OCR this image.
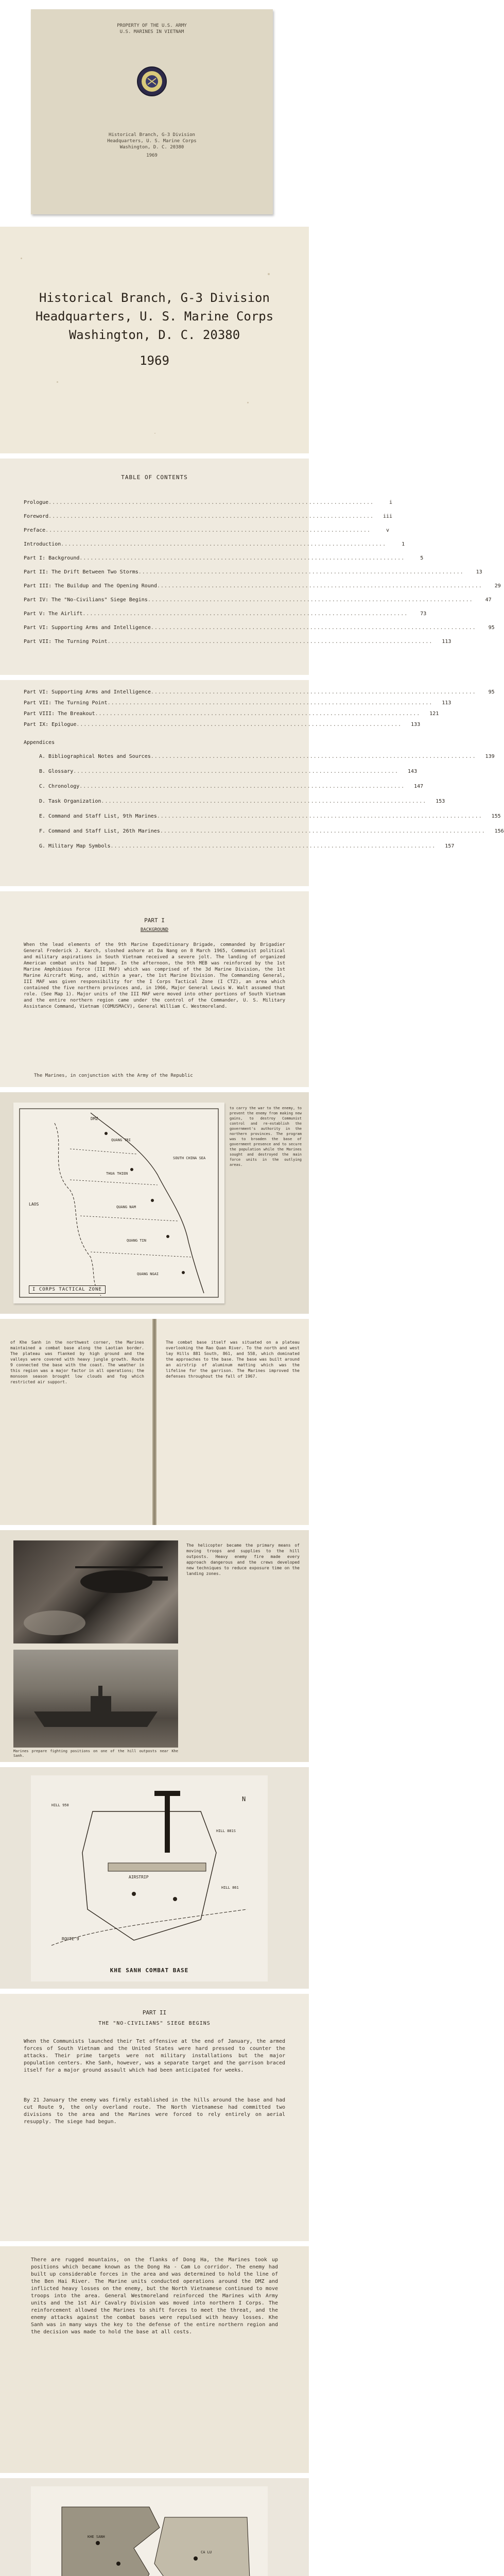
PROPERTY OF THE U.S. ARMY
U.S. MARINES IN VIETNAM
Historical Branch, G-3 Division
Headquarters, U. S. Marine Corps
Washington, D. C. 20380
1969
Historical Branch, G-3 Division
Headquarters, U. S. Marine Corps
Washington, D. C. 20380
1969
TABLE OF CONTENTS
Prologue ..........................................................................................	i
Foreword ..........................................................................................	iii
Preface ..........................................................................................	v
Introduction ..........................................................................................	1
Part I: Background ..........................................................................................	5
Part II: The Drift Between Two Storms ..........................................................................................	13
Part III: The Buildup and The Opening Round ..........................................................................................	29
Part IV: The "No-Civilians" Siege Begins ..........................................................................................	47
Part V: The Airlift ..........................................................................................	73
Part VI: Supporting Arms and Intelligence ..........................................................................................	95
Part VII: The Turning Point ..........................................................................................	113
Part VI: Supporting Arms and Intelligence ..........................................................................................	95
Part VII: The Turning Point ..........................................................................................	113
Part VIII: The Breakout ..........................................................................................	121
Part IX: Epilogue ..........................................................................................	133
Appendices
A. Bibliographical Notes and Sources ..........................................................................................	139
B. Glossary ..........................................................................................	143
C. Chronology ..........................................................................................	147
D. Task Organization ..........................................................................................	153
E. Command and Staff List, 9th Marines ..........................................................................................	155
F. Command and Staff List, 26th Marines ..........................................................................................	156
G. Military Map Symbols ..........................................................................................	157
PART I
BACKGROUND
When the lead elements of the 9th Marine Expeditionary Brigade, commanded by Brigadier General Frederick J. Karch, sloshed ashore at Da Nang on 8 March 1965, Communist political and military aspirations in South Vietnam received a severe jolt. The landing of organized American combat units had begun. In the afternoon, the 9th MEB was reinforced by the 1st Marine Amphibious Force (III MAF) which was comprised of the 3d Marine Division, the 1st Marine Aircraft Wing, and, within a year, the 1st Marine Division. The Commanding General, III MAF was given responsibility for the I Corps Tactical Zone (I CTZ), an area which contained the five northern provinces and, in 1966, Major General Lewis W. Walt assumed that role. (See Map 1). Major units of the III MAF were moved into other portions of South Vietnam and the entire northern region came under the control of the Commander, U. S. Military Assistance Command, Vietnam (COMUSMACV), General William C. Westmoreland.
The Marines, in conjunction with the Army of the Republic
DMZ
QUANG TRI
THUA THIEN
QUANG NAM
QUANG TIN
QUANG NGAI
LAOS
SOUTH CHINA SEA
I CORPS TACTICAL ZONE
to carry the war to the enemy, to prevent the enemy from making new gains, to destroy Communist control and re-establish the government's authority in the northern provinces. The program was to broaden the base of government presence and to secure the population while the Marines sought and destroyed the main force units in the outlying areas.
of Khe Sanh in the northwest corner, the Marines maintained a combat base along the Laotian border. The plateau was flanked by high ground and the valleys were covered with heavy jungle growth. Route 9 connected the base with the coast. The weather in this region was a major factor in all operations; the monsoon season brought low clouds and fog which restricted air support.
The combat base itself was situated on a plateau overlooking the Rao Quan River. To the north and west lay Hills 881 South, 861, and 558, which dominated the approaches to the base. The base was built around an airstrip of aluminum matting which was the lifeline for the garrison. The Marines improved the defenses throughout the fall of 1967.
Marines prepare fighting positions on one of the hill outposts near Khe Sanh.
The helicopter became the primary means of moving troops and supplies to the hill outposts. Heavy enemy fire made every approach dangerous and the crews developed new techniques to reduce exposure time on the landing zones.
AIRSTRIP
ROUTE 9
N
HILL 950
HILL 881S
HILL 861
KHE SANH COMBAT BASE
PART II
THE "NO-CIVILIANS" SIEGE BEGINS
When the Communists launched their Tet offensive at the end of January, the armed forces of South Vietnam and the United States were hard pressed to counter the attacks. Their prime targets were not military installations but the major population centers. Khe Sanh, however, was a separate target and the garrison braced itself for a major ground assault which had been anticipated for weeks.
By 21 January the enemy was firmly established in the hills around the base and had cut Route 9, the only overland route. The North Vietnamese had committed two divisions to the area and the Marines were forced to rely entirely on aerial resupply. The siege had begun.
There are rugged mountains, on the flanks of Dong Ha, the Marines took up positions which became known as the Dong Ha - Cam Lo corridor. The enemy had built up considerable forces in the area and was determined to hold the line of the Ben Hai River. The Marine units conducted operations around the DMZ and inflicted heavy losses on the enemy, but the North Vietnamese continued to move troops into the area. General Westmoreland reinforced the Marines with Army units and the 1st Air Cavalry Division was moved into northern I Corps. The reinforcement allowed the Marines to shift forces to meet the threat, and the enemy attacks against the combat bases were repulsed with heavy losses. Khe Sanh was in many ways the key to the defense of the entire northern region and the decision was made to hold the base at all costs.
KHE SANH
CA LU
